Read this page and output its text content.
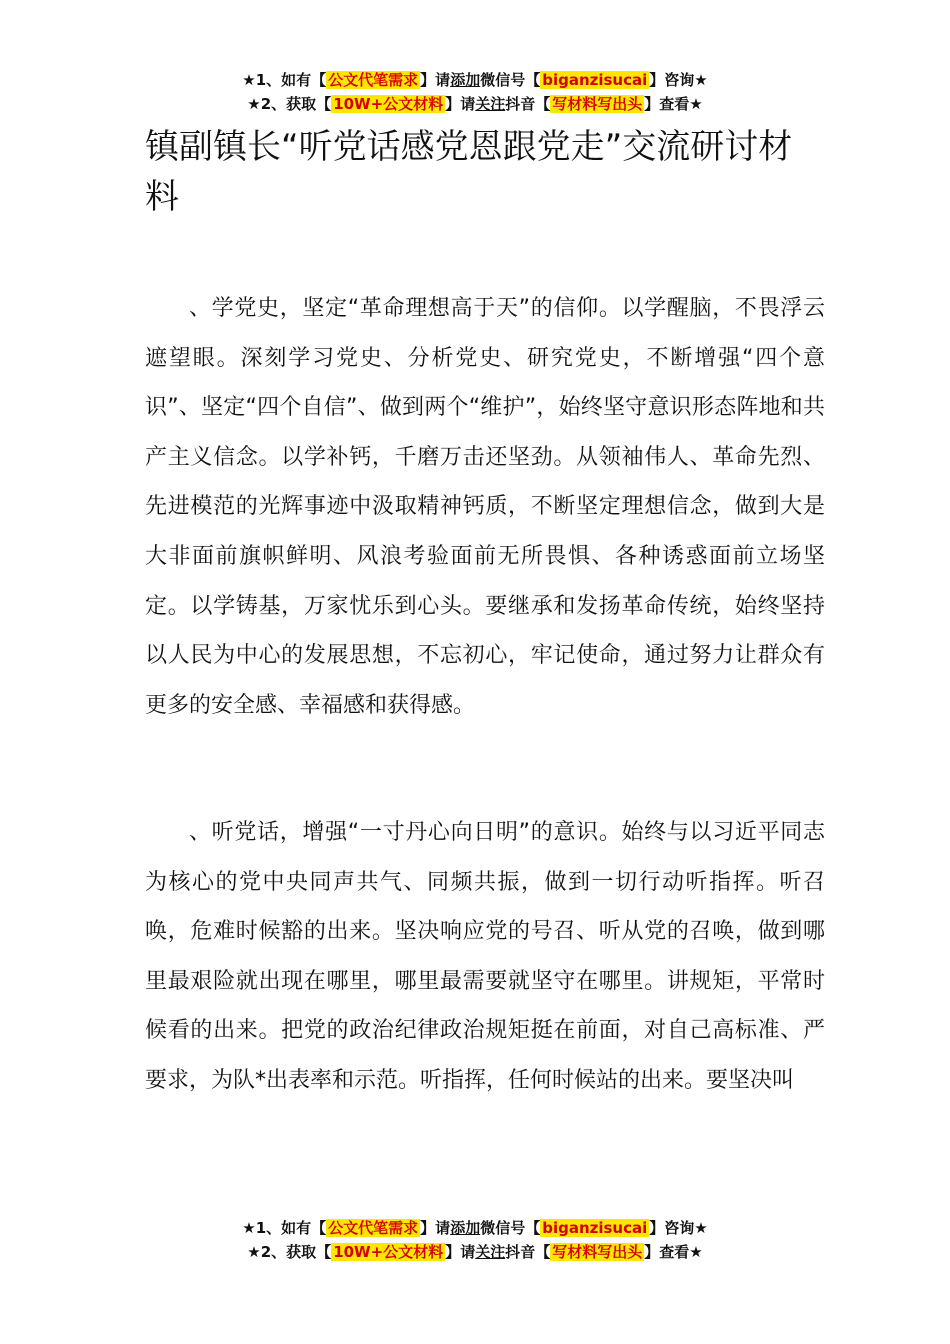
★1、如有【 公文代笔需求 】请添加微信号【 biganzisucai 】咨询★
★2、获取【 10W+公文材料 】请关注抖音【 写材料写出头 】查看★
镇副镇长“听党话感党恩跟党走”交流研讨材料

、学党史，坚定“革命理想高于天”的信仰。以学醒脑，不畏浮云遮望眼。深刻学习党史、分析党史、研究党史，不断增强“四个意识”、坚定“四个自信”、做到两个“维护”，始终坚守意识形态阵地和共产主义信念。以学补钙，千磨万击还坚劲。从领袖伟人、革命先烈、先进模范的光辉事迹中汲取精神钙质，不断坚定理想信念，做到大是大非面前旗帜鲜明、风浪考验面前无所畏惧、各种诱惑面前立场坚定。以学铸基，万家忧乐到心头。要继承和发扬革命传统，始终坚持以人民为中心的发展思想，不忘初心，牢记使命，通过努力让群众有更多的安全感、幸福感和获得感。

、听党话，增强“一寸丹心向日明”的意识。始终与以习近平同志为核心的党中央同声共气、同频共振，做到一切行动听指挥。听召唤，危难时候豁的出来。坚决响应党的号召、听从党的召唤，做到哪里最艰险就出现在哪里，哪里最需要就坚守在哪里。讲规矩，平常时候看的出来。把党的政治纪律政治规矩挺在前面，对自己高标准、严要求，为队*出表率和示范。听指挥，任何时候站的出来。要坚决叫

★1、如有【 公文代笔需求 】请添加微信号【 biganzisucai 】咨询★
★2、获取【 10W+公文材料 】请关注抖音【 写材料写出头 】查看★
